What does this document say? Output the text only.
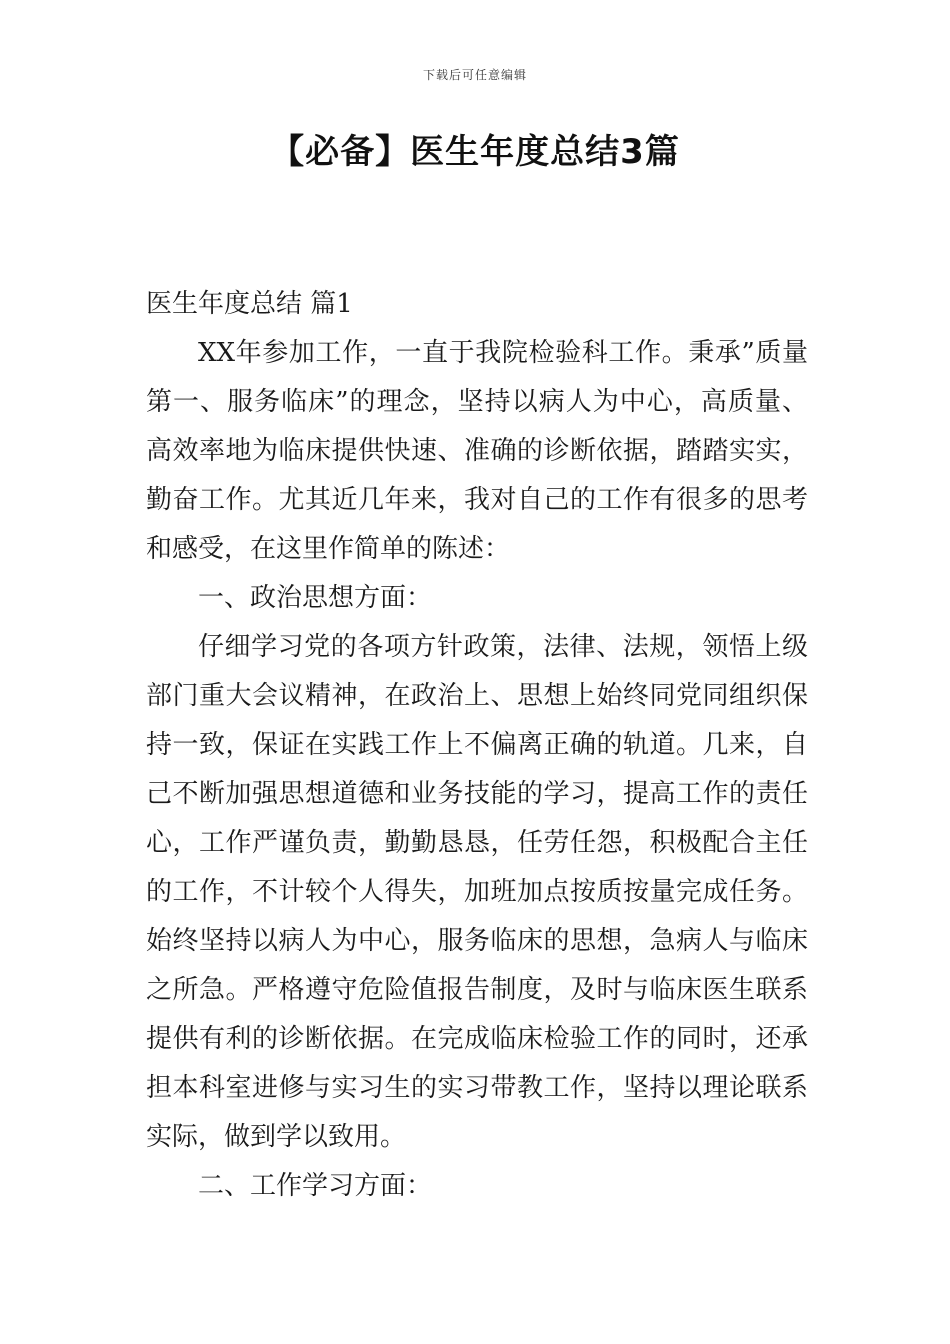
下载后可任意编辑
【必备】医生年度总结3篇

医生年度总结 篇1

XX年参加工作，一直于我院检验科工作。秉承”质量第一、服务临床”的理念，坚持以病人为中心，高质量、高效率地为临床提供快速、准确的诊断依据，踏踏实实，勤奋工作。尤其近几年来，我对自己的工作有很多的思考和感受，在这里作简单的陈述：

一、政治思想方面：

仔细学习党的各项方针政策，法律、法规，领悟上级部门重大会议精神，在政治上、思想上始终同党同组织保持一致，保证在实践工作上不偏离正确的轨道。几来，自己不断加强思想道德和业务技能的学习，提高工作的责任心，工作严谨负责，勤勤恳恳，任劳任怨，积极配合主任的工作，不计较个人得失，加班加点按质按量完成任务。始终坚持以病人为中心，服务临床的思想，急病人与临床之所急。严格遵守危险值报告制度，及时与临床医生联系提供有利的诊断依据。在完成临床检验工作的同时，还承担本科室进修与实习生的实习带教工作，坚持以理论联系实际，做到学以致用。

二、工作学习方面：
